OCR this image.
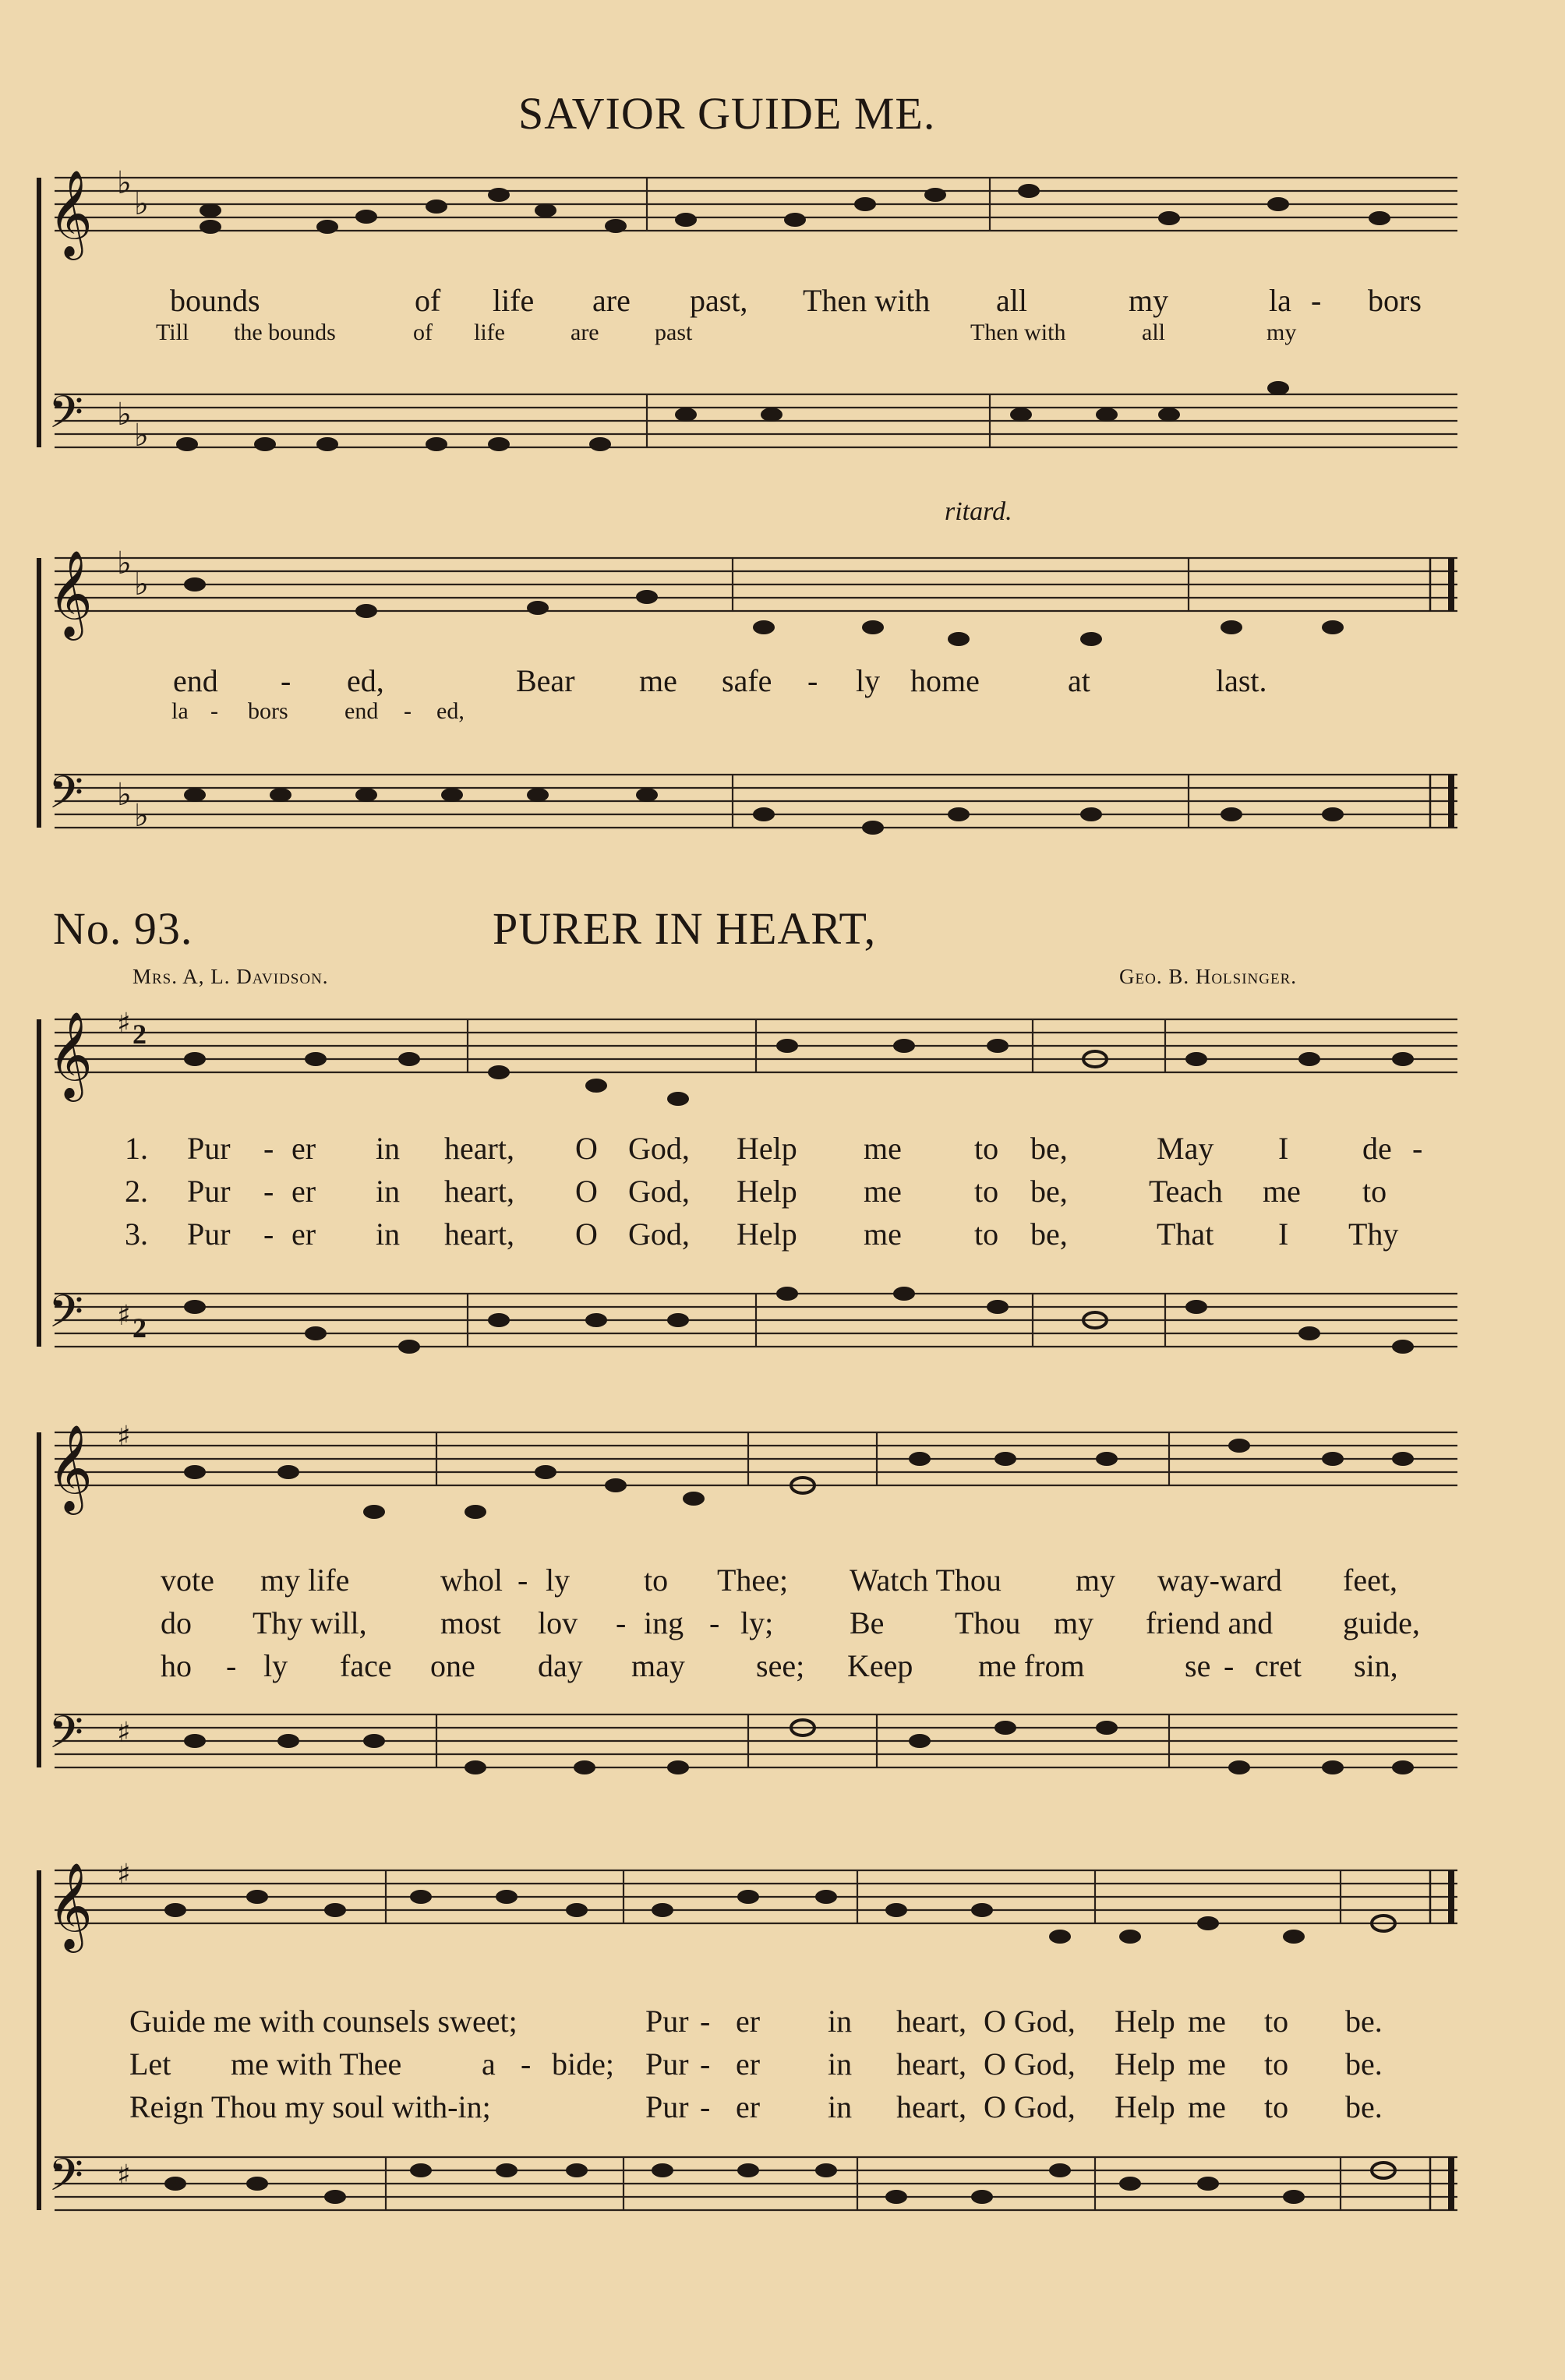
𝄞
𝄢
𝄞
𝄢
𝄞
𝄢
𝄞
𝄢
𝄞
𝄢
♭
♭
♭
♭
♭
♭
♭
♭
♯
♯
♯
♯
♯
♯
2
2
SAVIOR GUIDE ME.
bounds	of life are past, Then with all	my	la - bors
Till the bounds	of life	are past	Then with	all	my
ritard.
end - ed,	Bear me safe - ly home	at	last.
la - bors end - ed,
No. 93.	PURER IN HEART,
Mrs. A, L. Davidson.	Geo. B. Holsinger.
1. Pur - er in heart, O God, Help me to be,	May I de -
2. Pur - er in heart, O God, Help me to be,	Teach me to
3. Pur - er in heart, O God, Help me to be,	That I Thy
vote my life	whol - ly to Thee; Watch Thou my way-ward feet,
do Thy will, most lov - ing - ly; Be Thou my friend and guide,
ho - ly face one day may see; Keep me from	se - cret sin,
Guide me with counsels sweet;	Pur - er in heart, O God, Help me to be.
Let me with Thee	a - bide; Pur - er in heart, O God, Help me to be.
Reign Thou my soul with-in;	Pur - er in heart, O God, Help me to be.
